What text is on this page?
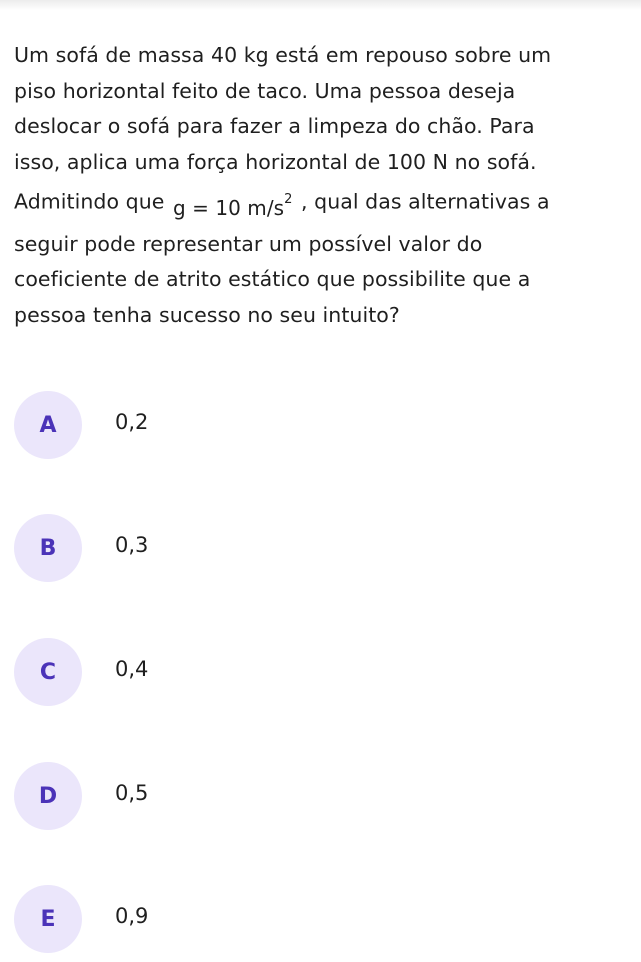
Um sofá de massa 40 kg está em repouso sobre um
piso horizontal feito de taco. Uma pessoa deseja
deslocar o sofá para fazer a limpeza do chão. Para
isso, aplica uma força horizontal de 100 N no sofá.
Admitindo que g = 10 $m/s^2$ , qual das alternativas a
seguir pode representar um possível valor do
coeficiente de atrito estático que possibilite que a
pessoa tenha sucesso no seu intuito?
A	0,2
B	0,3
C	0,4
D	0,5
E	0,9
